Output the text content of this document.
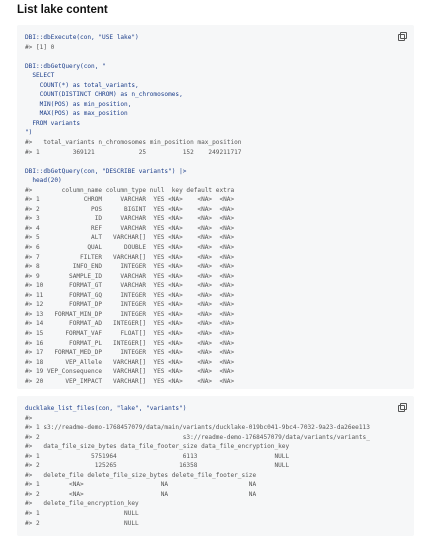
List lake content
DBI::dbExecute(con, "USE lake")
#> [1] 0
DBI::dbGetQuery(con, "
SELECT
COUNT(*) as total_variants,
COUNT(DISTINCT CHROM) as n_chromosomes,
MIN(POS) as min_position,
MAX(POS) as max_position
FROM variants
")
#>   total_variants n_chromosomes min_position max_position
#> 1         369121            25          152    249211717
DBI::dbGetQuery(con, "DESCRIBE variants") |>
head(20)
#>        column_name column_type null  key default extra
#> 1            CHROM     VARCHAR  YES <NA>    <NA>  <NA>
#> 2              POS      BIGINT  YES <NA>    <NA>  <NA>
#> 3               ID     VARCHAR  YES <NA>    <NA>  <NA>
#> 4              REF     VARCHAR  YES <NA>    <NA>  <NA>
#> 5              ALT   VARCHAR[]  YES <NA>    <NA>  <NA>
#> 6             QUAL      DOUBLE  YES <NA>    <NA>  <NA>
#> 7           FILTER   VARCHAR[]  YES <NA>    <NA>  <NA>
#> 8         INFO_END     INTEGER  YES <NA>    <NA>  <NA>
#> 9        SAMPLE_ID     VARCHAR  YES <NA>    <NA>  <NA>
#> 10       FORMAT_GT     VARCHAR  YES <NA>    <NA>  <NA>
#> 11       FORMAT_GQ     INTEGER  YES <NA>    <NA>  <NA>
#> 12       FORMAT_DP     INTEGER  YES <NA>    <NA>  <NA>
#> 13   FORMAT_MIN_DP     INTEGER  YES <NA>    <NA>  <NA>
#> 14       FORMAT_AD   INTEGER[]  YES <NA>    <NA>  <NA>
#> 15      FORMAT_VAF     FLOAT[]  YES <NA>    <NA>  <NA>
#> 16       FORMAT_PL   INTEGER[]  YES <NA>    <NA>  <NA>
#> 17   FORMAT_MED_DP     INTEGER  YES <NA>    <NA>  <NA>
#> 18      VEP_Allele   VARCHAR[]  YES <NA>    <NA>  <NA>
#> 19 VEP_Consequence   VARCHAR[]  YES <NA>    <NA>  <NA>
#> 20      VEP_IMPACT   VARCHAR[]  YES <NA>    <NA>  <NA>
ducklake_list_files(con, "lake", "variants")
#>
#> 1 s3://readme-demo-1768457079/data/main/variants/ducklake-019bc041-9bc4-7032-9a23-da26ee113
#> 2                                       s3://readme-demo-1768457079/data/variants/variants_
#>   data_file_size_bytes data_file_footer_size data_file_encryption_key
#> 1              5751964                  6113                     NULL
#> 2               125265                 16358                     NULL
#>   delete_file delete_file_size_bytes delete_file_footer_size
#> 1        <NA>                     NA                      NA
#> 2        <NA>                     NA                      NA
#>   delete_file_encryption_key
#> 1                       NULL
#> 2                       NULL
